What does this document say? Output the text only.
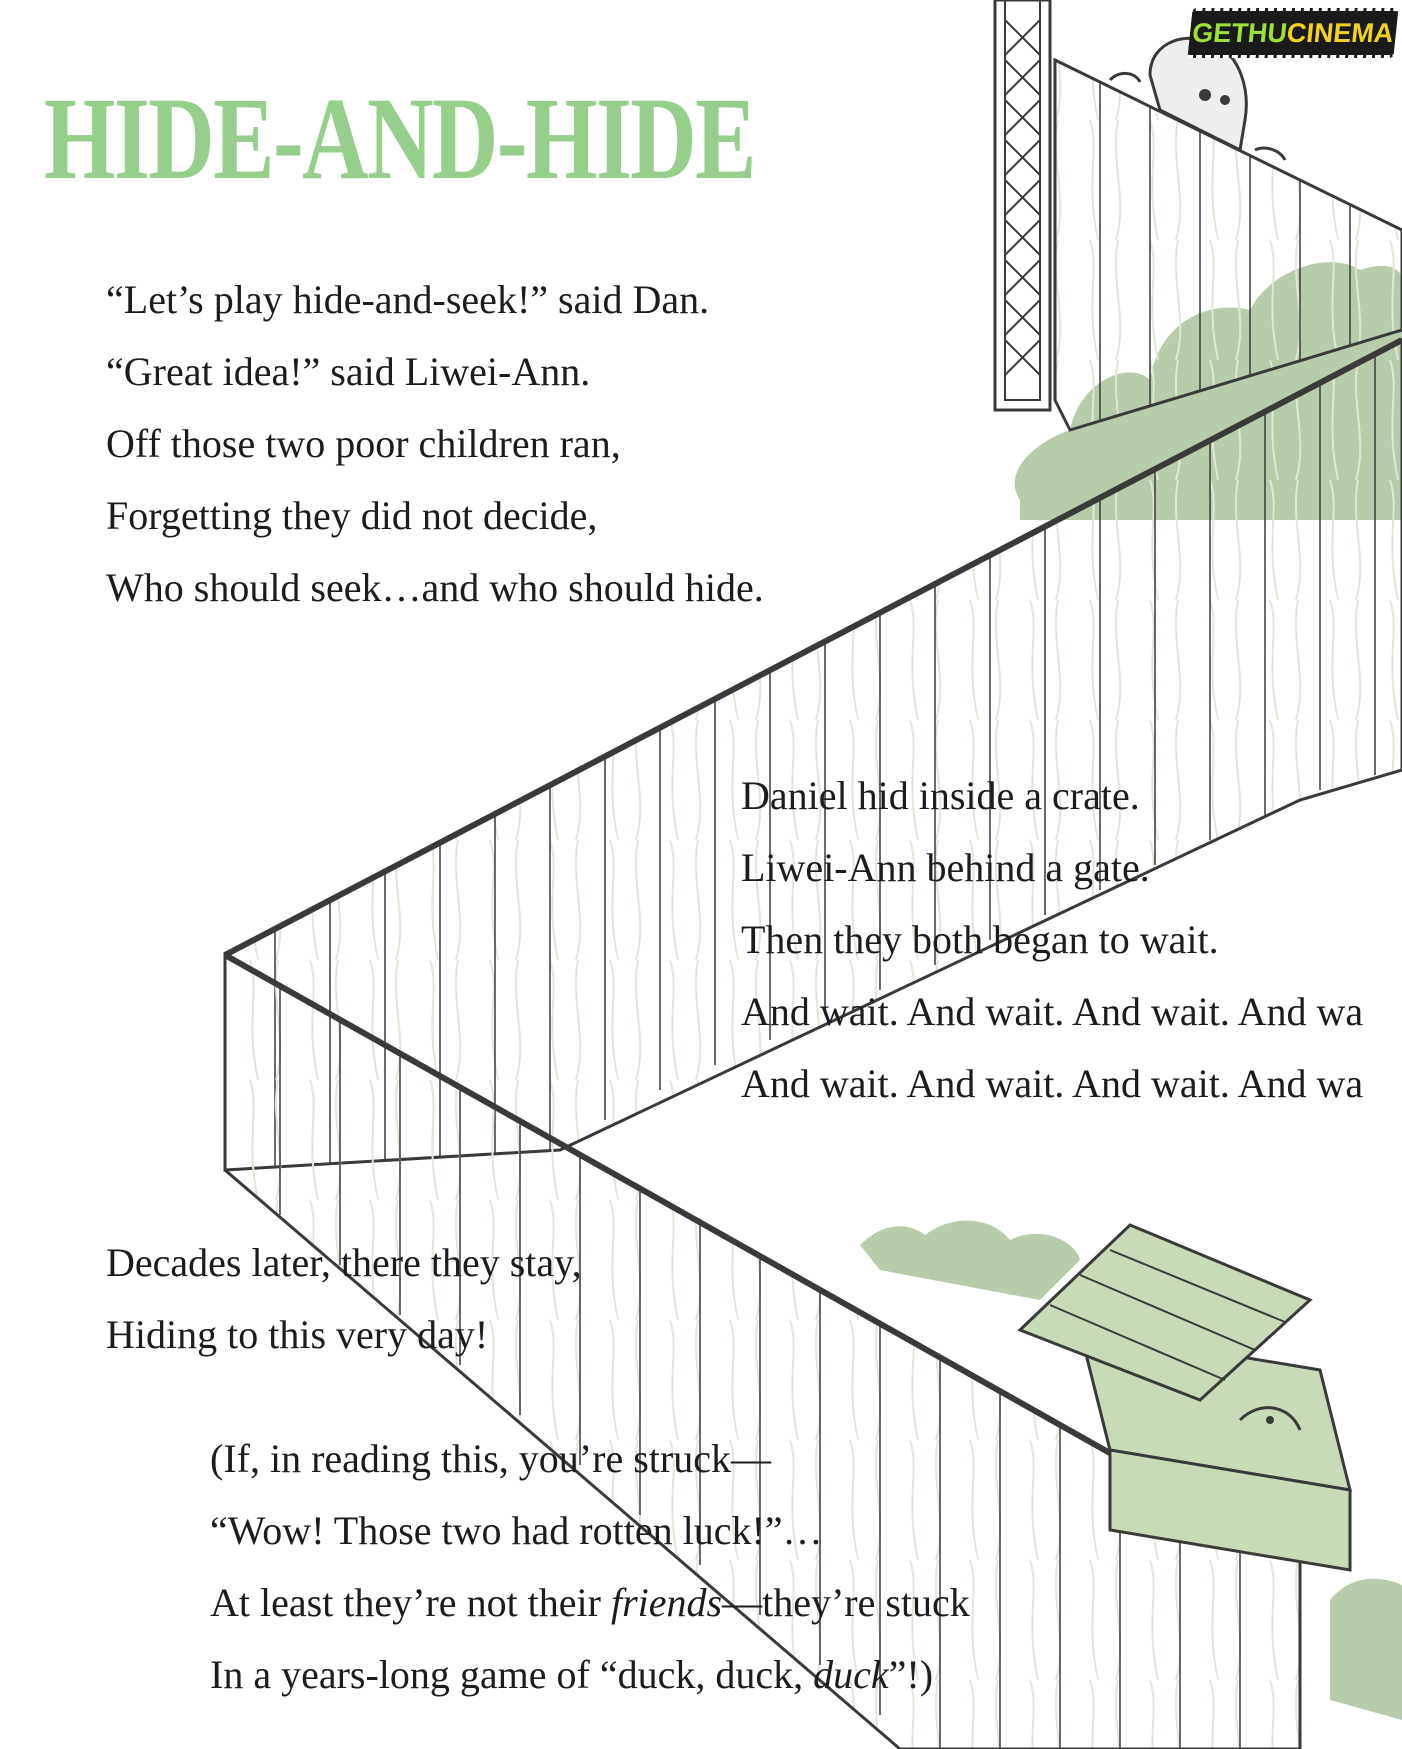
GETHU
CINEMA
HIDE-AND-HIDE
“Let’s play hide-and-seek!” said Dan.
“Great idea!” said Liwei-Ann.
Off those two poor children ran,
Forgetting they did not decide,
Who should seek…and who should hide.
Daniel hid inside a crate.
Liwei-Ann behind a gate.
Then they both began to wait.
And wait. And wait. And wait. And wa
And wait. And wait. And wait. And wa
Decades later, there they stay,
Hiding to this very day!
(If, in reading this, you’re struck—
“Wow! Those two had rotten luck!”…
At least they’re not their friends—they’re stuck
In a years-long game of “duck, duck, duck”!)
